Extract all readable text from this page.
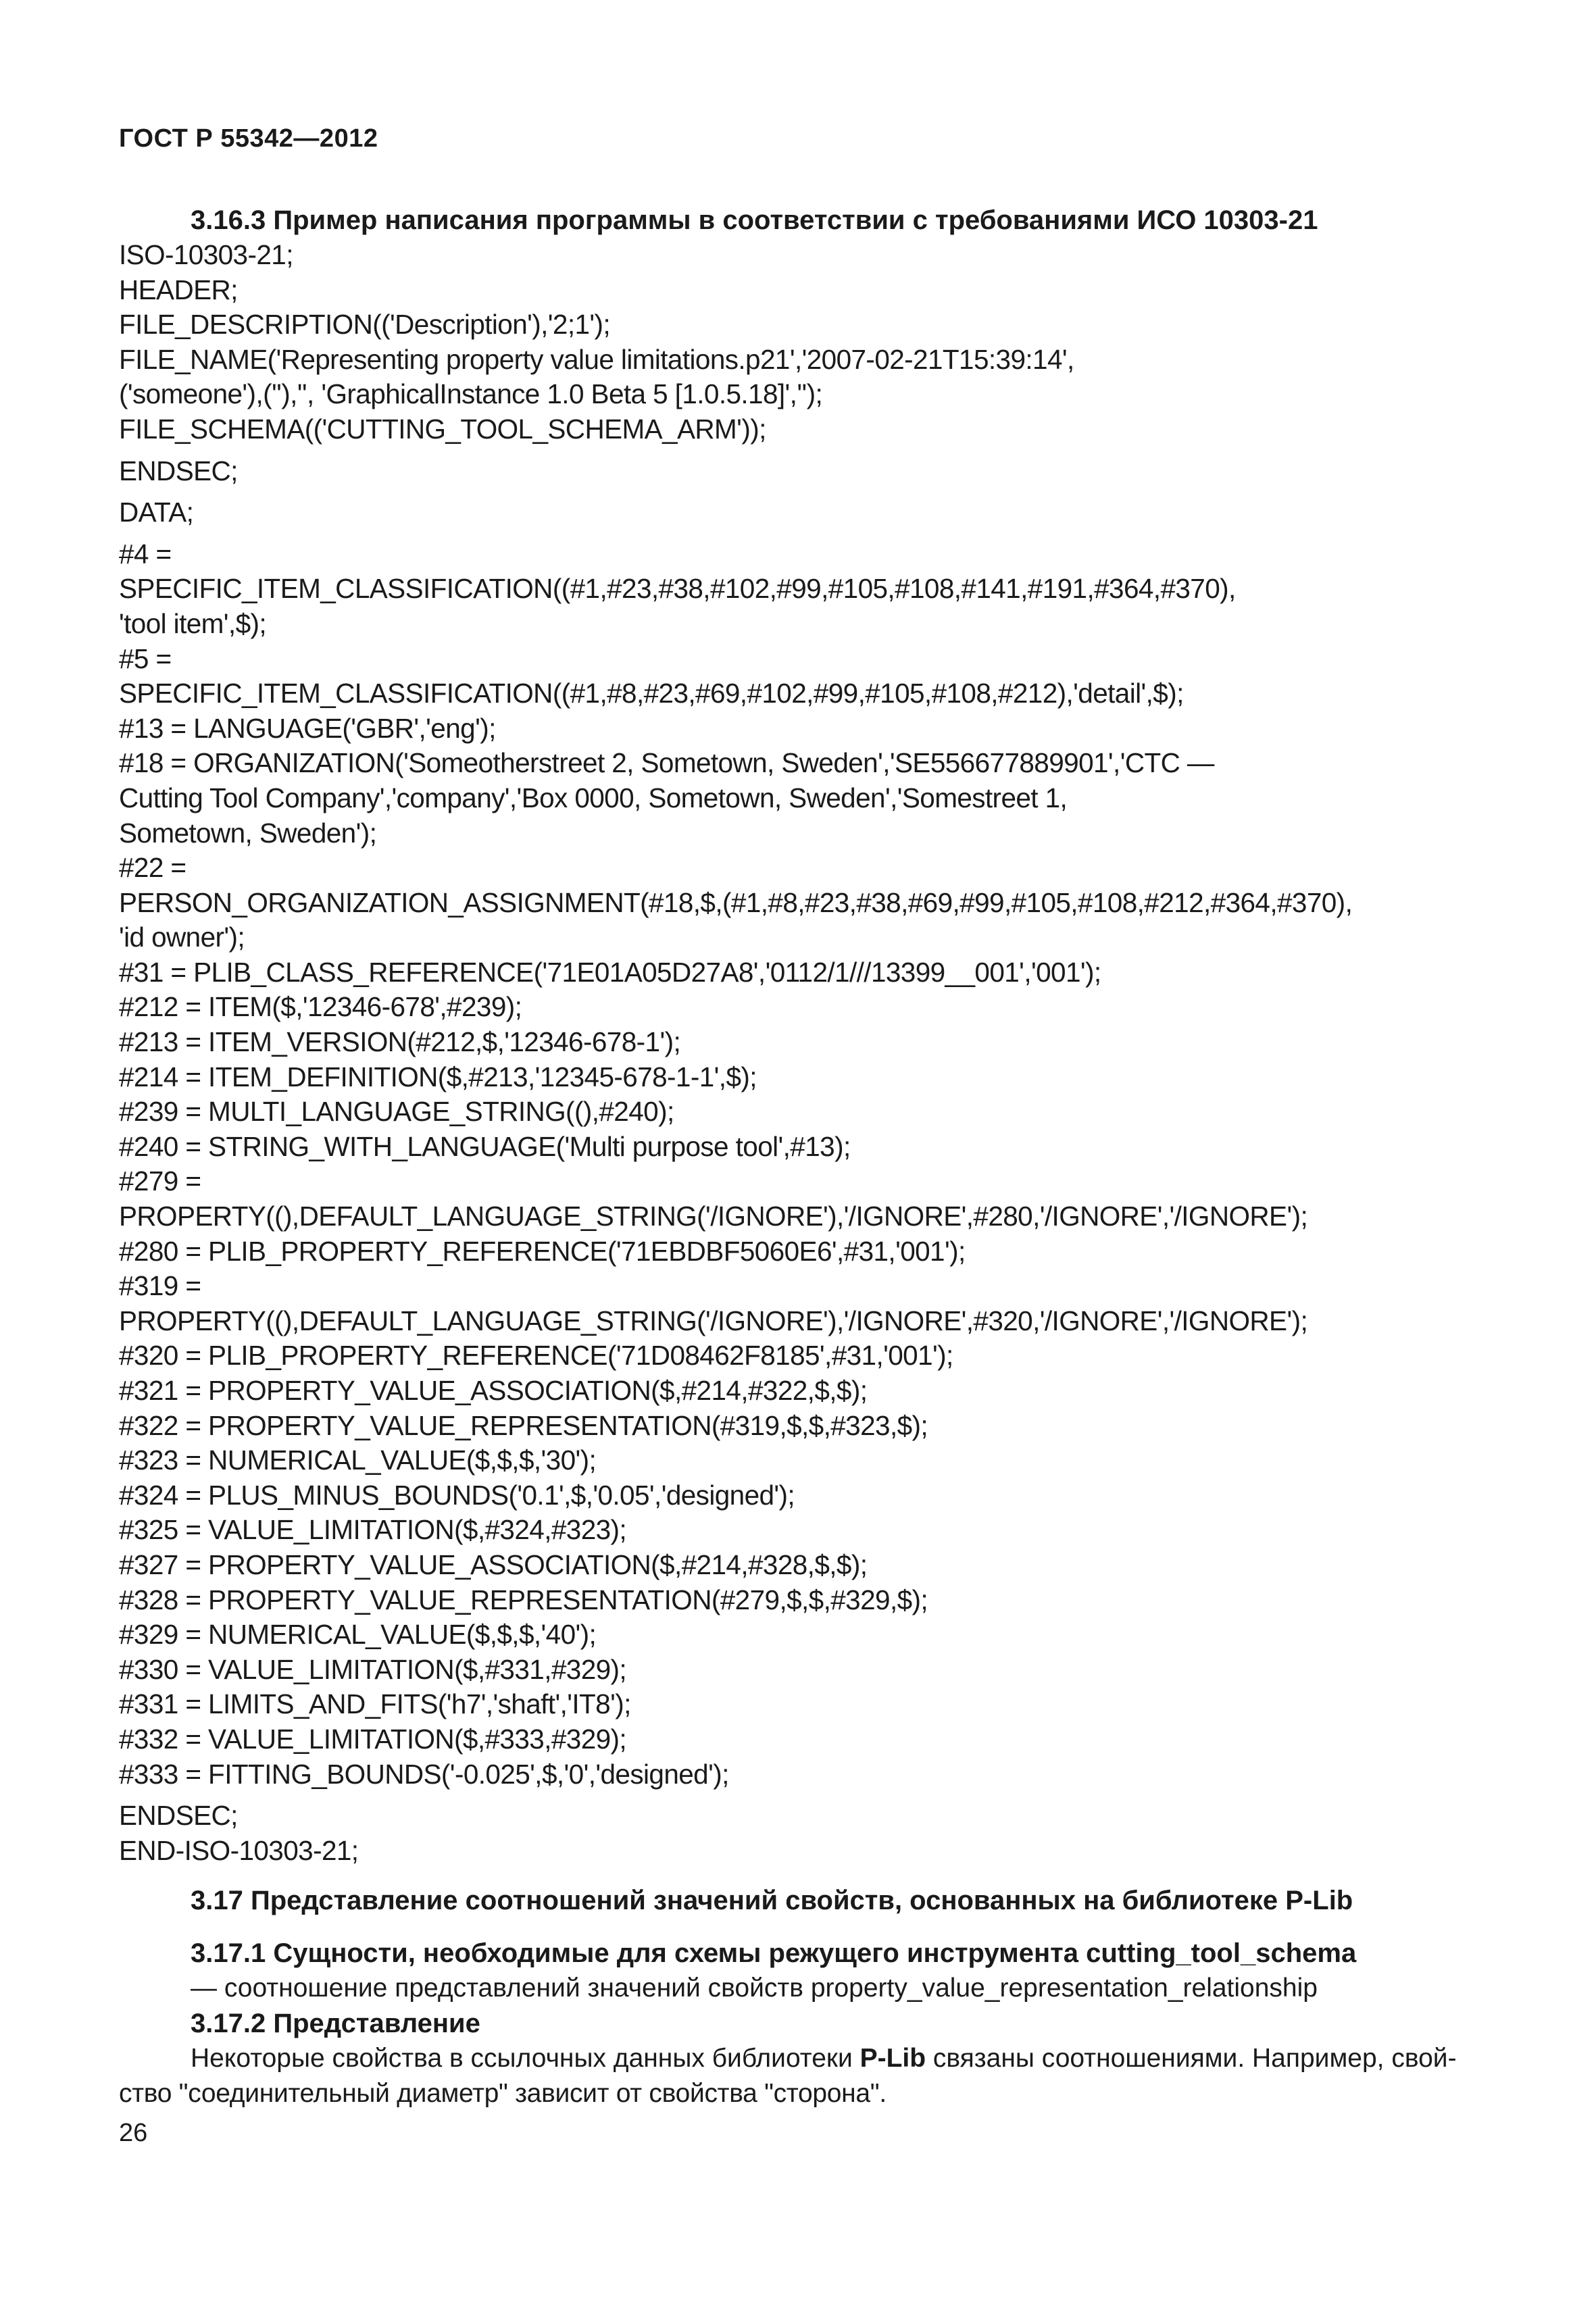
ГОСТ Р 55342—2012
3.16.3 Пример написания программы в соответствии с требованиями ИСО 10303-21
ISO-10303-21;
HEADER;
FILE_DESCRIPTION(('Description'),'2;1');
FILE_NAME('Representing property value limitations.p21','2007-02-21T15:39:14',
('someone'),(''),'', 'GraphicalInstance 1.0 Beta 5 [1.0.5.18]','');
FILE_SCHEMA(('CUTTING_TOOL_SCHEMA_ARM'));
ENDSEC;
DATA;
#4 =
SPECIFIC_ITEM_CLASSIFICATION((#1,#23,#38,#102,#99,#105,#108,#141,#191,#364,#370),
'tool item',$);
#5 =
SPECIFIC_ITEM_CLASSIFICATION((#1,#8,#23,#69,#102,#99,#105,#108,#212),'detail',$);
#13 = LANGUAGE('GBR','eng');
#18 = ORGANIZATION('Someotherstreet 2, Sometown, Sweden','SE556677889901','CTC —
Cutting Tool Company','company','Box 0000, Sometown, Sweden','Somestreet 1,
Sometown, Sweden');
#22 =
PERSON_ORGANIZATION_ASSIGNMENT(#18,$,(#1,#8,#23,#38,#69,#99,#105,#108,#212,#364,#370),
'id owner');
#31 = PLIB_CLASS_REFERENCE('71E01A05D27A8','0112/1///13399__001','001');
#212 = ITEM($,'12346-678',#239);
#213 = ITEM_VERSION(#212,$,'12346-678-1');
#214 = ITEM_DEFINITION($,#213,'12345-678-1-1',$);
#239 = MULTI_LANGUAGE_STRING((),#240);
#240 = STRING_WITH_LANGUAGE('Multi purpose tool',#13);
#279 =
PROPERTY((),DEFAULT_LANGUAGE_STRING('/IGNORE'),'/IGNORE',#280,'/IGNORE','/IGNORE');
#280 = PLIB_PROPERTY_REFERENCE('71EBDBF5060E6',#31,'001');
#319 =
PROPERTY((),DEFAULT_LANGUAGE_STRING('/IGNORE'),'/IGNORE',#320,'/IGNORE','/IGNORE');
#320 = PLIB_PROPERTY_REFERENCE('71D08462F8185',#31,'001');
#321 = PROPERTY_VALUE_ASSOCIATION($,#214,#322,$,$);
#322 = PROPERTY_VALUE_REPRESENTATION(#319,$,$,#323,$);
#323 = NUMERICAL_VALUE($,$,$,'30');
#324 = PLUS_MINUS_BOUNDS('0.1',$,'0.05','designed');
#325 = VALUE_LIMITATION($,#324,#323);
#327 = PROPERTY_VALUE_ASSOCIATION($,#214,#328,$,$);
#328 = PROPERTY_VALUE_REPRESENTATION(#279,$,$,#329,$);
#329 = NUMERICAL_VALUE($,$,$,'40');
#330 = VALUE_LIMITATION($,#331,#329);
#331 = LIMITS_AND_FITS('h7','shaft','IT8');
#332 = VALUE_LIMITATION($,#333,#329);
#333 = FITTING_BOUNDS('-0.025',$,'0','designed');
ENDSEC;
END-ISO-10303-21;
3.17 Представление соотношений значений свойств, основанных на библиотеке P-Lib
3.17.1 Сущности, необходимые для схемы режущего инструмента cutting_tool_schema
— соотношение представлений значений свойств property_value_representation_relationship
3.17.2 Представление
Некоторые свойства в ссылочных данных библиотеки P-Lib связаны соотношениями. Например, свой-
ство "соединительный диаметр" зависит от свойства "сторона".
26
